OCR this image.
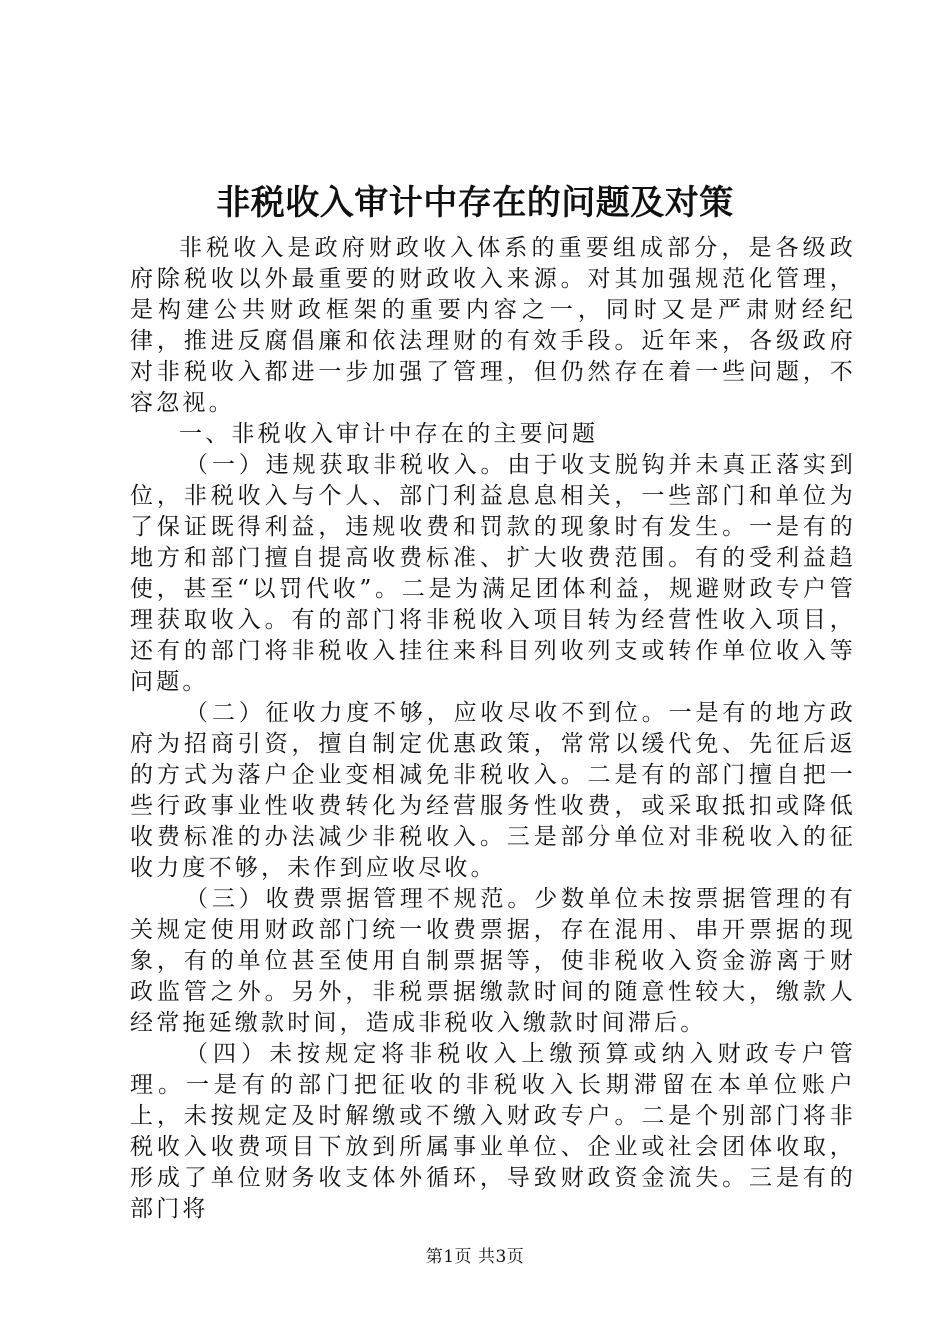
非税收入审计中存在的问题及对策

非税收入是政府财政收入体系的重要组成部分，是各级政府除税收以外最重要的财政收入来源。对其加强规范化管理，是构建公共财政框架的重要内容之一，同时又是严肃财经纪律，推进反腐倡廉和依法理财的有效手段。近年来，各级政府对非税收入都进一步加强了管理，但仍然存在着一些问题，不容忽视。

一、非税收入审计中存在的主要问题

（一）违规获取非税收入。由于收支脱钩并未真正落实到位，非税收入与个人、部门利益息息相关，一些部门和单位为了保证既得利益，违规收费和罚款的现象时有发生。一是有的地方和部门擅自提高收费标准、扩大收费范围。有的受利益趋使，甚至“以罚代收”。二是为满足团体利益，规避财政专户管理获取收入。有的部门将非税收入项目转为经营性收入项目，还有的部门将非税收入挂往来科目列收列支或转作单位收入等问题。

（二）征收力度不够，应收尽收不到位。一是有的地方政府为招商引资，擅自制定优惠政策，常常以缓代免、先征后返的方式为落户企业变相减免非税收入。二是有的部门擅自把一些行政事业性收费转化为经营服务性收费，或采取抵扣或降低收费标准的办法减少非税收入。三是部分单位对非税收入的征收力度不够，未作到应收尽收。

（三）收费票据管理不规范。少数单位未按票据管理的有关规定使用财政部门统一收费票据，存在混用、串开票据的现象，有的单位甚至使用自制票据等，使非税收入资金游离于财政监管之外。另外，非税票据缴款时间的随意性较大，缴款人经常拖延缴款时间，造成非税收入缴款时间滞后。

（四）未按规定将非税收入上缴预算或纳入财政专户管理。一是有的部门把征收的非税收入长期滞留在本单位账户上，未按规定及时解缴或不缴入财政专户。二是个别部门将非税收入收费项目下放到所属事业单位、企业或社会团体收取，形成了单位财务收支体外循环，导致财政资金流失。三是有的部门将

第1页 共3页
